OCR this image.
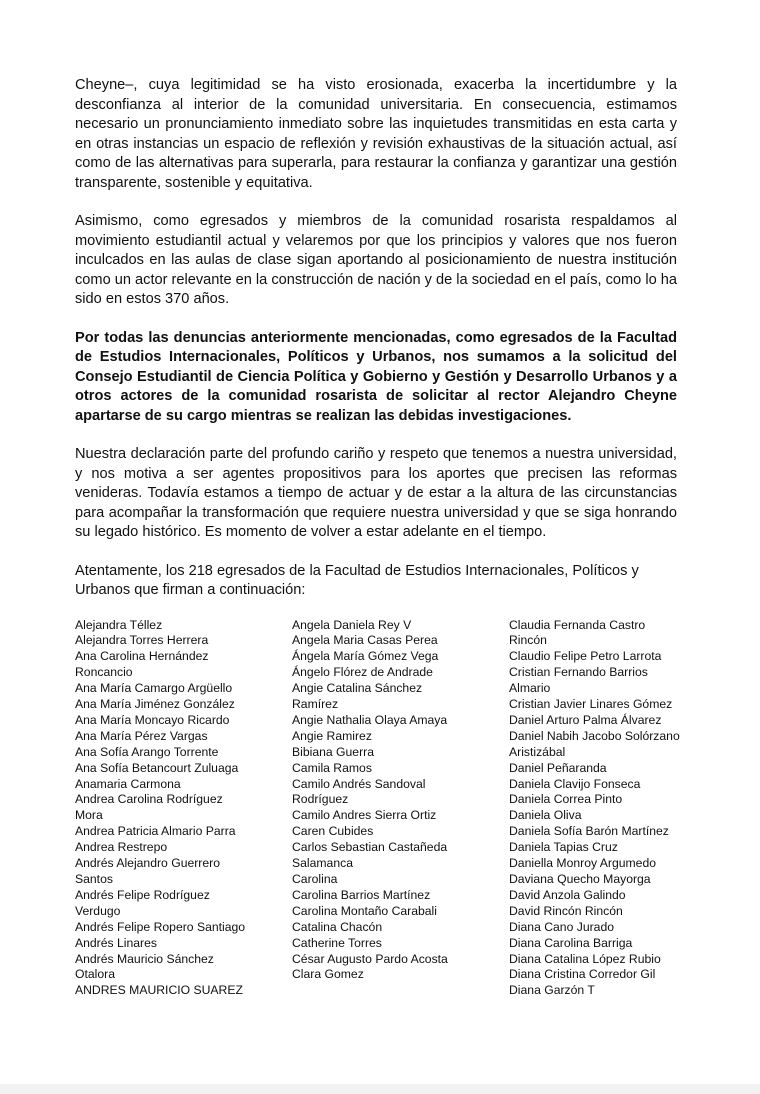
Cheyne–, cuya legitimidad se ha visto erosionada, exacerba la incertidumbre y la desconfianza al interior de la comunidad universitaria. En consecuencia, estimamos necesario un pronunciamiento inmediato sobre las inquietudes transmitidas en esta carta y en otras instancias un espacio de reflexión y revisión exhaustivas de la situación actual, así como de las alternativas para superarla, para restaurar la confianza y garantizar una gestión transparente, sostenible y equitativa.

Asimismo, como egresados y miembros de la comunidad rosarista respaldamos al movimiento estudiantil actual y velaremos por que los principios y valores que nos fueron inculcados en las aulas de clase sigan aportando al posicionamiento de nuestra institución como un actor relevante en la construcción de nación y de la sociedad en el país, como lo ha sido en estos 370 años.

Por todas las denuncias anteriormente mencionadas, como egresados de la Facultad de Estudios Internacionales, Políticos y Urbanos, nos sumamos a la solicitud del Consejo Estudiantil de Ciencia Política y Gobierno y Gestión y Desarrollo Urbanos y a otros actores de la comunidad rosarista de solicitar al rector Alejandro Cheyne apartarse de su cargo mientras se realizan las debidas investigaciones.

Nuestra declaración parte del profundo cariño y respeto que tenemos a nuestra universidad, y nos motiva a ser agentes propositivos para los aportes que precisen las reformas venideras. Todavía estamos a tiempo de actuar y de estar a la altura de las circunstancias para acompañar la transformación que requiere nuestra universidad y que se siga honrando su legado histórico. Es momento de volver a estar adelante en el tiempo.

Atentamente, los 218 egresados de la Facultad de Estudios Internacionales, Políticos y Urbanos que firman a continuación:

Alejandra Téllez
Alejandra Torres Herrera
Ana Carolina Hernández
Roncancio
Ana María Camargo Argüello
Ana María Jiménez González
Ana María Moncayo Ricardo
Ana María Pérez Vargas
Ana Sofía Arango Torrente
Ana Sofía Betancourt Zuluaga
Anamaria Carmona
Andrea Carolina Rodríguez
Mora
Andrea Patricia Almario Parra
Andrea Restrepo
Andrés Alejandro Guerrero
Santos
Andrés Felipe Rodríguez
Verdugo
Andrés Felipe Ropero Santiago
Andrés Linares
Andrés Mauricio Sánchez
Otalora
ANDRES MAURICIO SUAREZ
Angela Daniela Rey V
Angela Maria Casas Perea
Ángela María Gómez Vega
Ángelo Flórez de Andrade
Angie Catalina Sánchez
Ramírez
Angie Nathalia Olaya Amaya
Angie Ramirez
Bibiana Guerra
Camila Ramos
Camilo Andrés Sandoval
Rodríguez
Camilo Andres Sierra Ortiz
Caren Cubides
Carlos Sebastian Castañeda
Salamanca
Carolina
Carolina Barrios Martínez
Carolina Montaño Carabali
Catalina Chacón
Catherine Torres
César Augusto Pardo Acosta
Clara Gomez
Claudia Fernanda Castro
Rincón
Claudio Felipe Petro Larrota
Cristian Fernando Barrios
Almario
Cristian Javier Linares Gómez
Daniel Arturo Palma Álvarez
Daniel Nabih Jacobo Solórzano
Aristizábal
Daniel Peñaranda
Daniela Clavijo Fonseca
Daniela Correa Pinto
Daniela Oliva
Daniela Sofía Barón Martínez
Daniela Tapias Cruz
Daniella Monroy Argumedo
Daviana Quecho Mayorga
David Anzola Galindo
David Rincón Rincón
Diana Cano Jurado
Diana Carolina Barriga
Diana Catalina López Rubio
Diana Cristina Corredor Gil
Diana Garzón T
